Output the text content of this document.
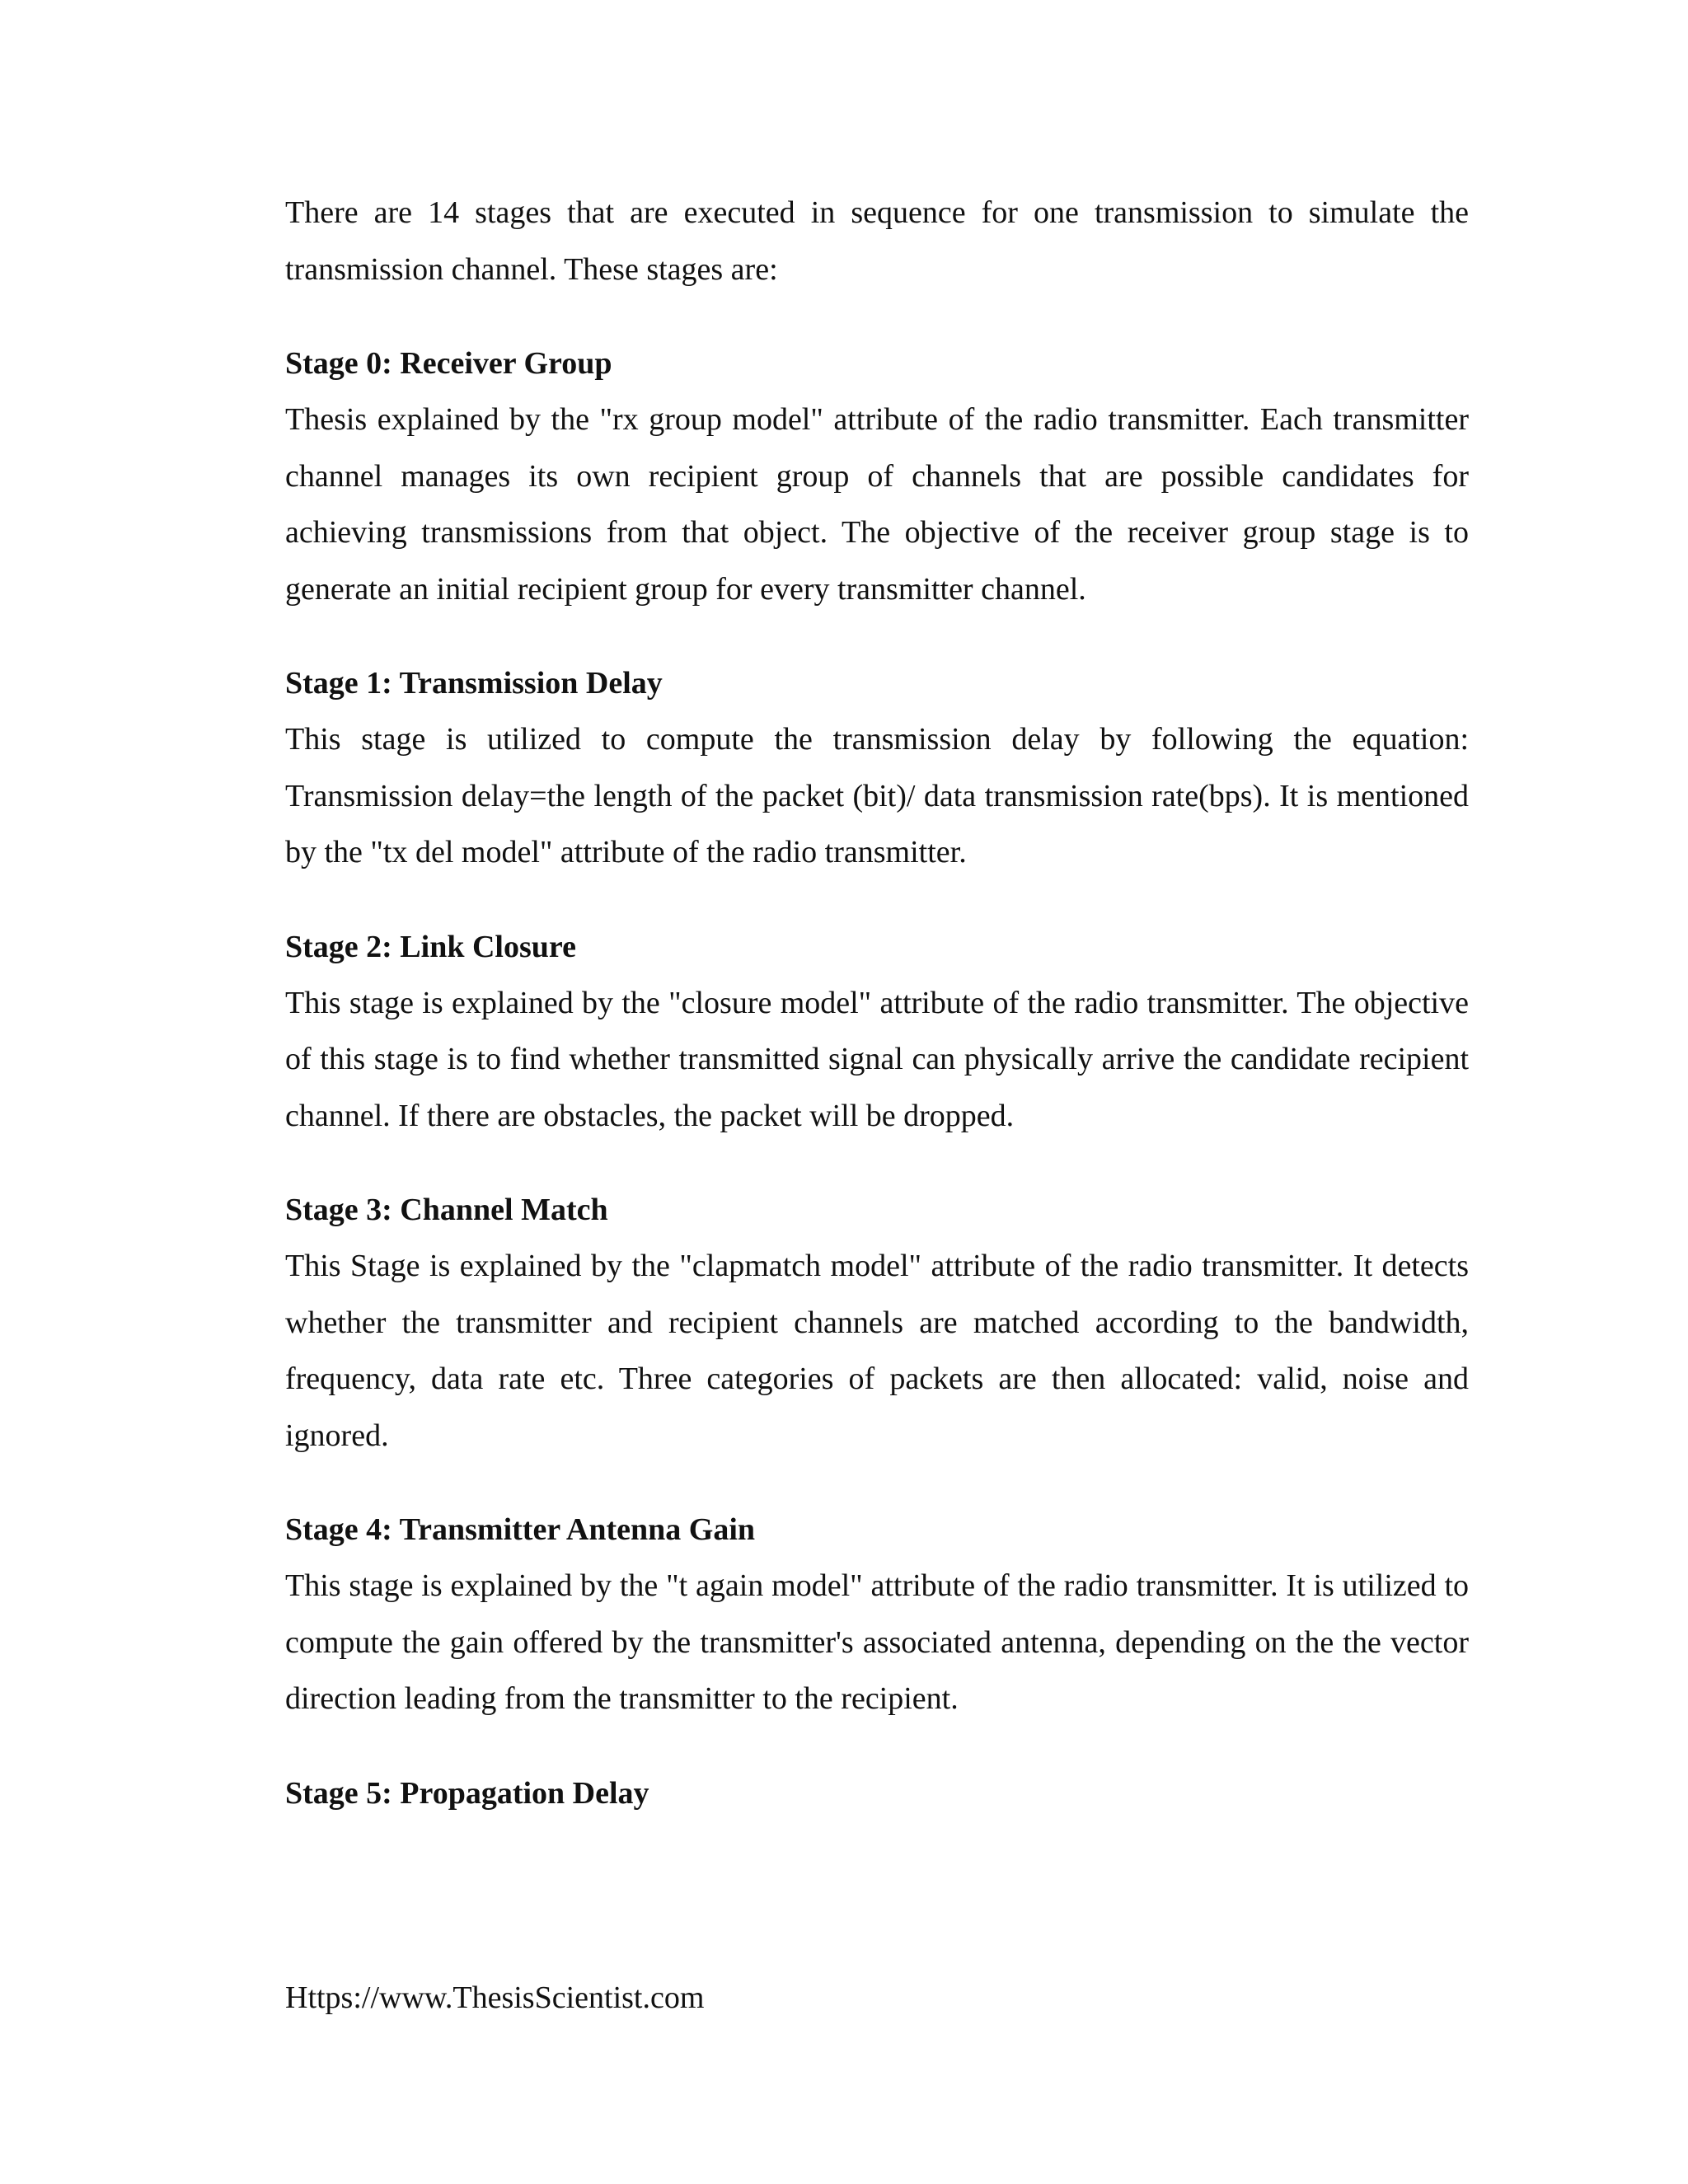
There are 14 stages that are executed in sequence for one transmission to simulate the transmission channel. These stages are:

Stage 0: Receiver Group

Thesis explained by the "rx group model" attribute of the radio transmitter. Each transmitter channel manages its own recipient group of channels that are possible candidates for achieving transmissions from that object. The objective of the receiver group stage is to generate an initial recipient group for every transmitter channel.

Stage 1: Transmission Delay

This stage is utilized to compute the transmission delay by following the equation: Transmission delay=the length of the packet (bit)/ data transmission rate(bps). It is mentioned by the "tx del model" attribute of the radio transmitter.

Stage 2: Link Closure

This stage is explained by the "closure model" attribute of the radio transmitter. The objective of this stage is to find whether transmitted signal can physically arrive the candidate recipient channel. If there are obstacles, the packet will be dropped.

Stage 3: Channel Match

This Stage is explained by the "clapmatch model" attribute of the radio transmitter. It detects whether the transmitter and recipient channels are matched according to the bandwidth, frequency, data rate etc. Three categories of packets are then allocated: valid, noise and ignored.

Stage 4: Transmitter Antenna Gain

This stage is explained by the "t again model" attribute of the radio transmitter. It is utilized to compute the gain offered by the transmitter's associated antenna, depending on the the vector direction leading from the transmitter to the recipient.

Stage 5: Propagation Delay

Https://www.ThesisScientist.com
